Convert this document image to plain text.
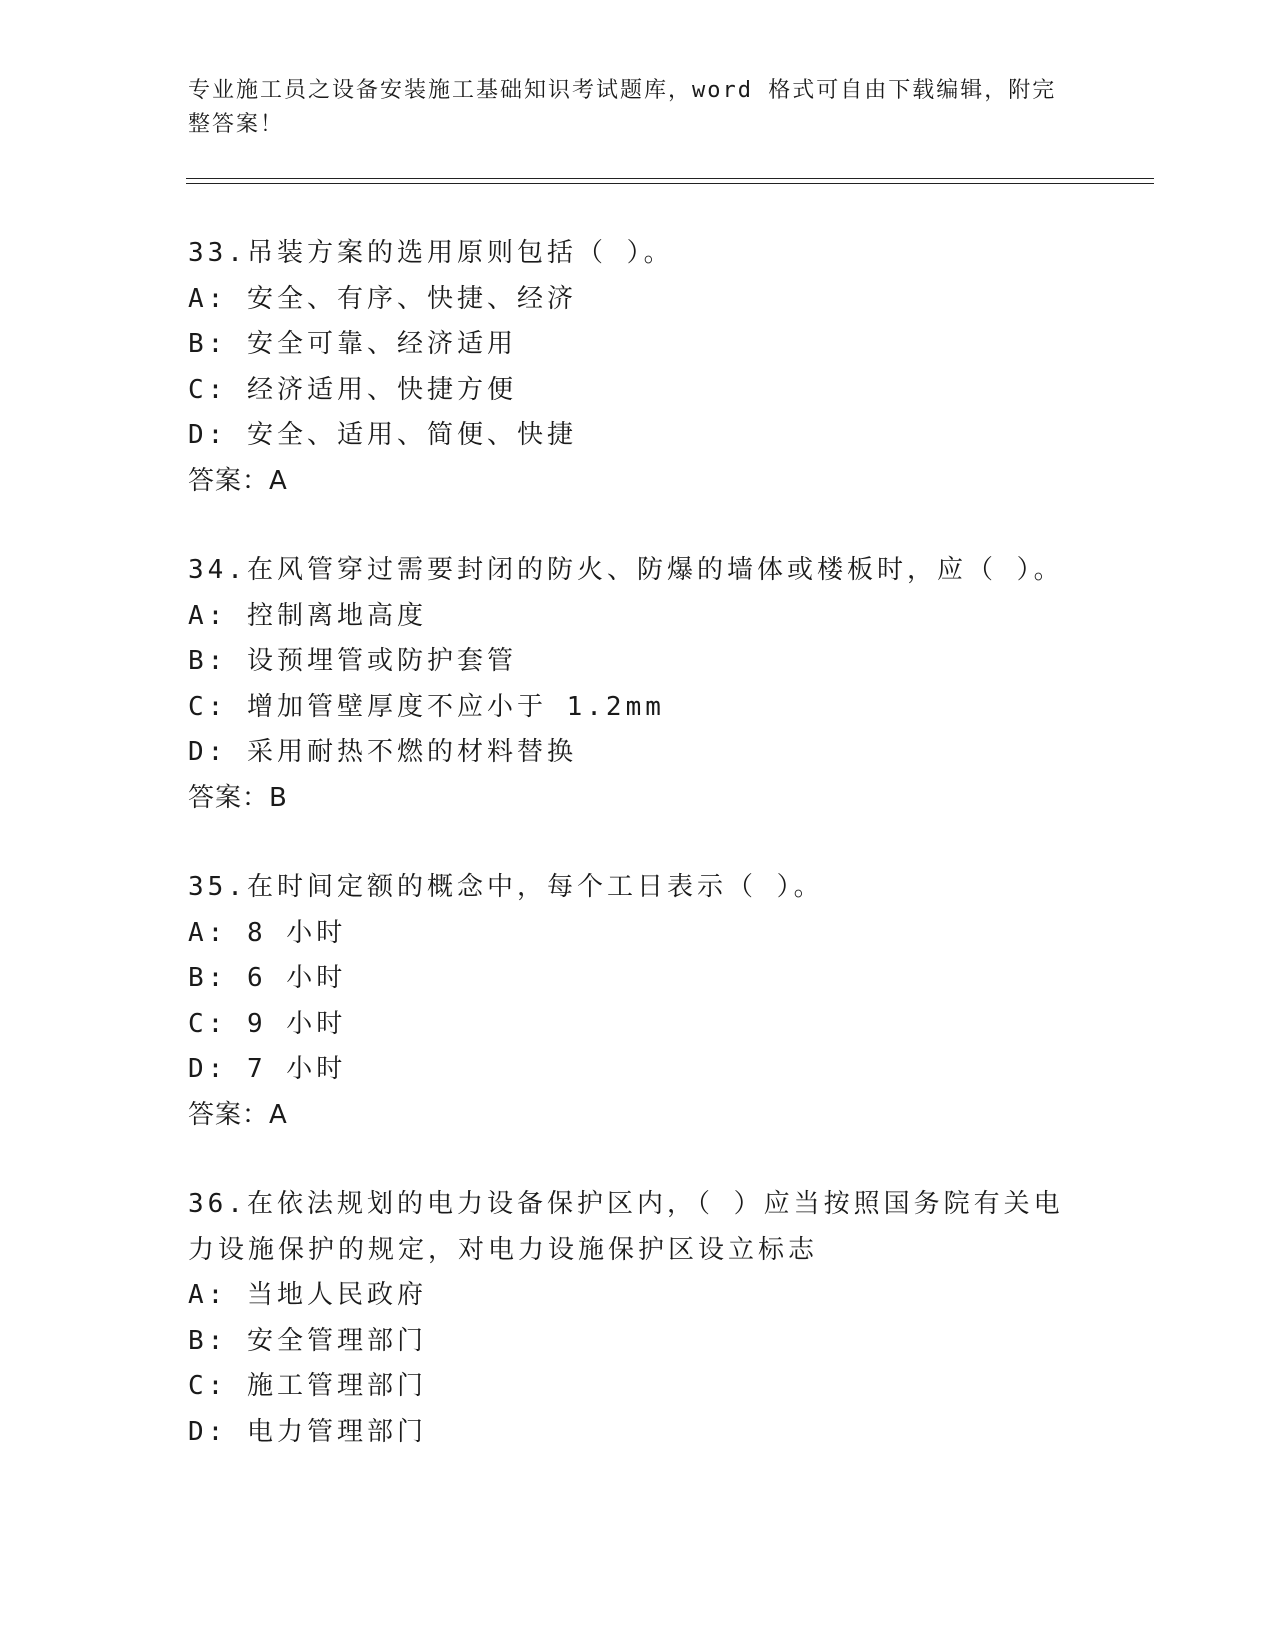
专业施工员之设备安装施工基础知识考试题库，word 格式可自由下载编辑，附完整答案！
33.吊装方案的选用原则包括（ ）。
A: 安全、有序、快捷、经济
B: 安全可靠、经济适用
C: 经济适用、快捷方便
D: 安全、适用、简便、快捷
答案：A
34.在风管穿过需要封闭的防火、防爆的墙体或楼板时，应（ ）。
A: 控制离地高度
B: 设预埋管或防护套管
C: 增加管壁厚度不应小于 1.2mm
D: 采用耐热不燃的材料替换
答案：B
35.在时间定额的概念中，每个工日表示（ ）。
A: 8 小时
B: 6 小时
C: 9 小时
D: 7 小时
答案：A
36.在依法规划的电力设备保护区内，（ ）应当按照国务院有关电力设施保护的规定，对电力设施保护区设立标志
A: 当地人民政府
B: 安全管理部门
C: 施工管理部门
D: 电力管理部门
